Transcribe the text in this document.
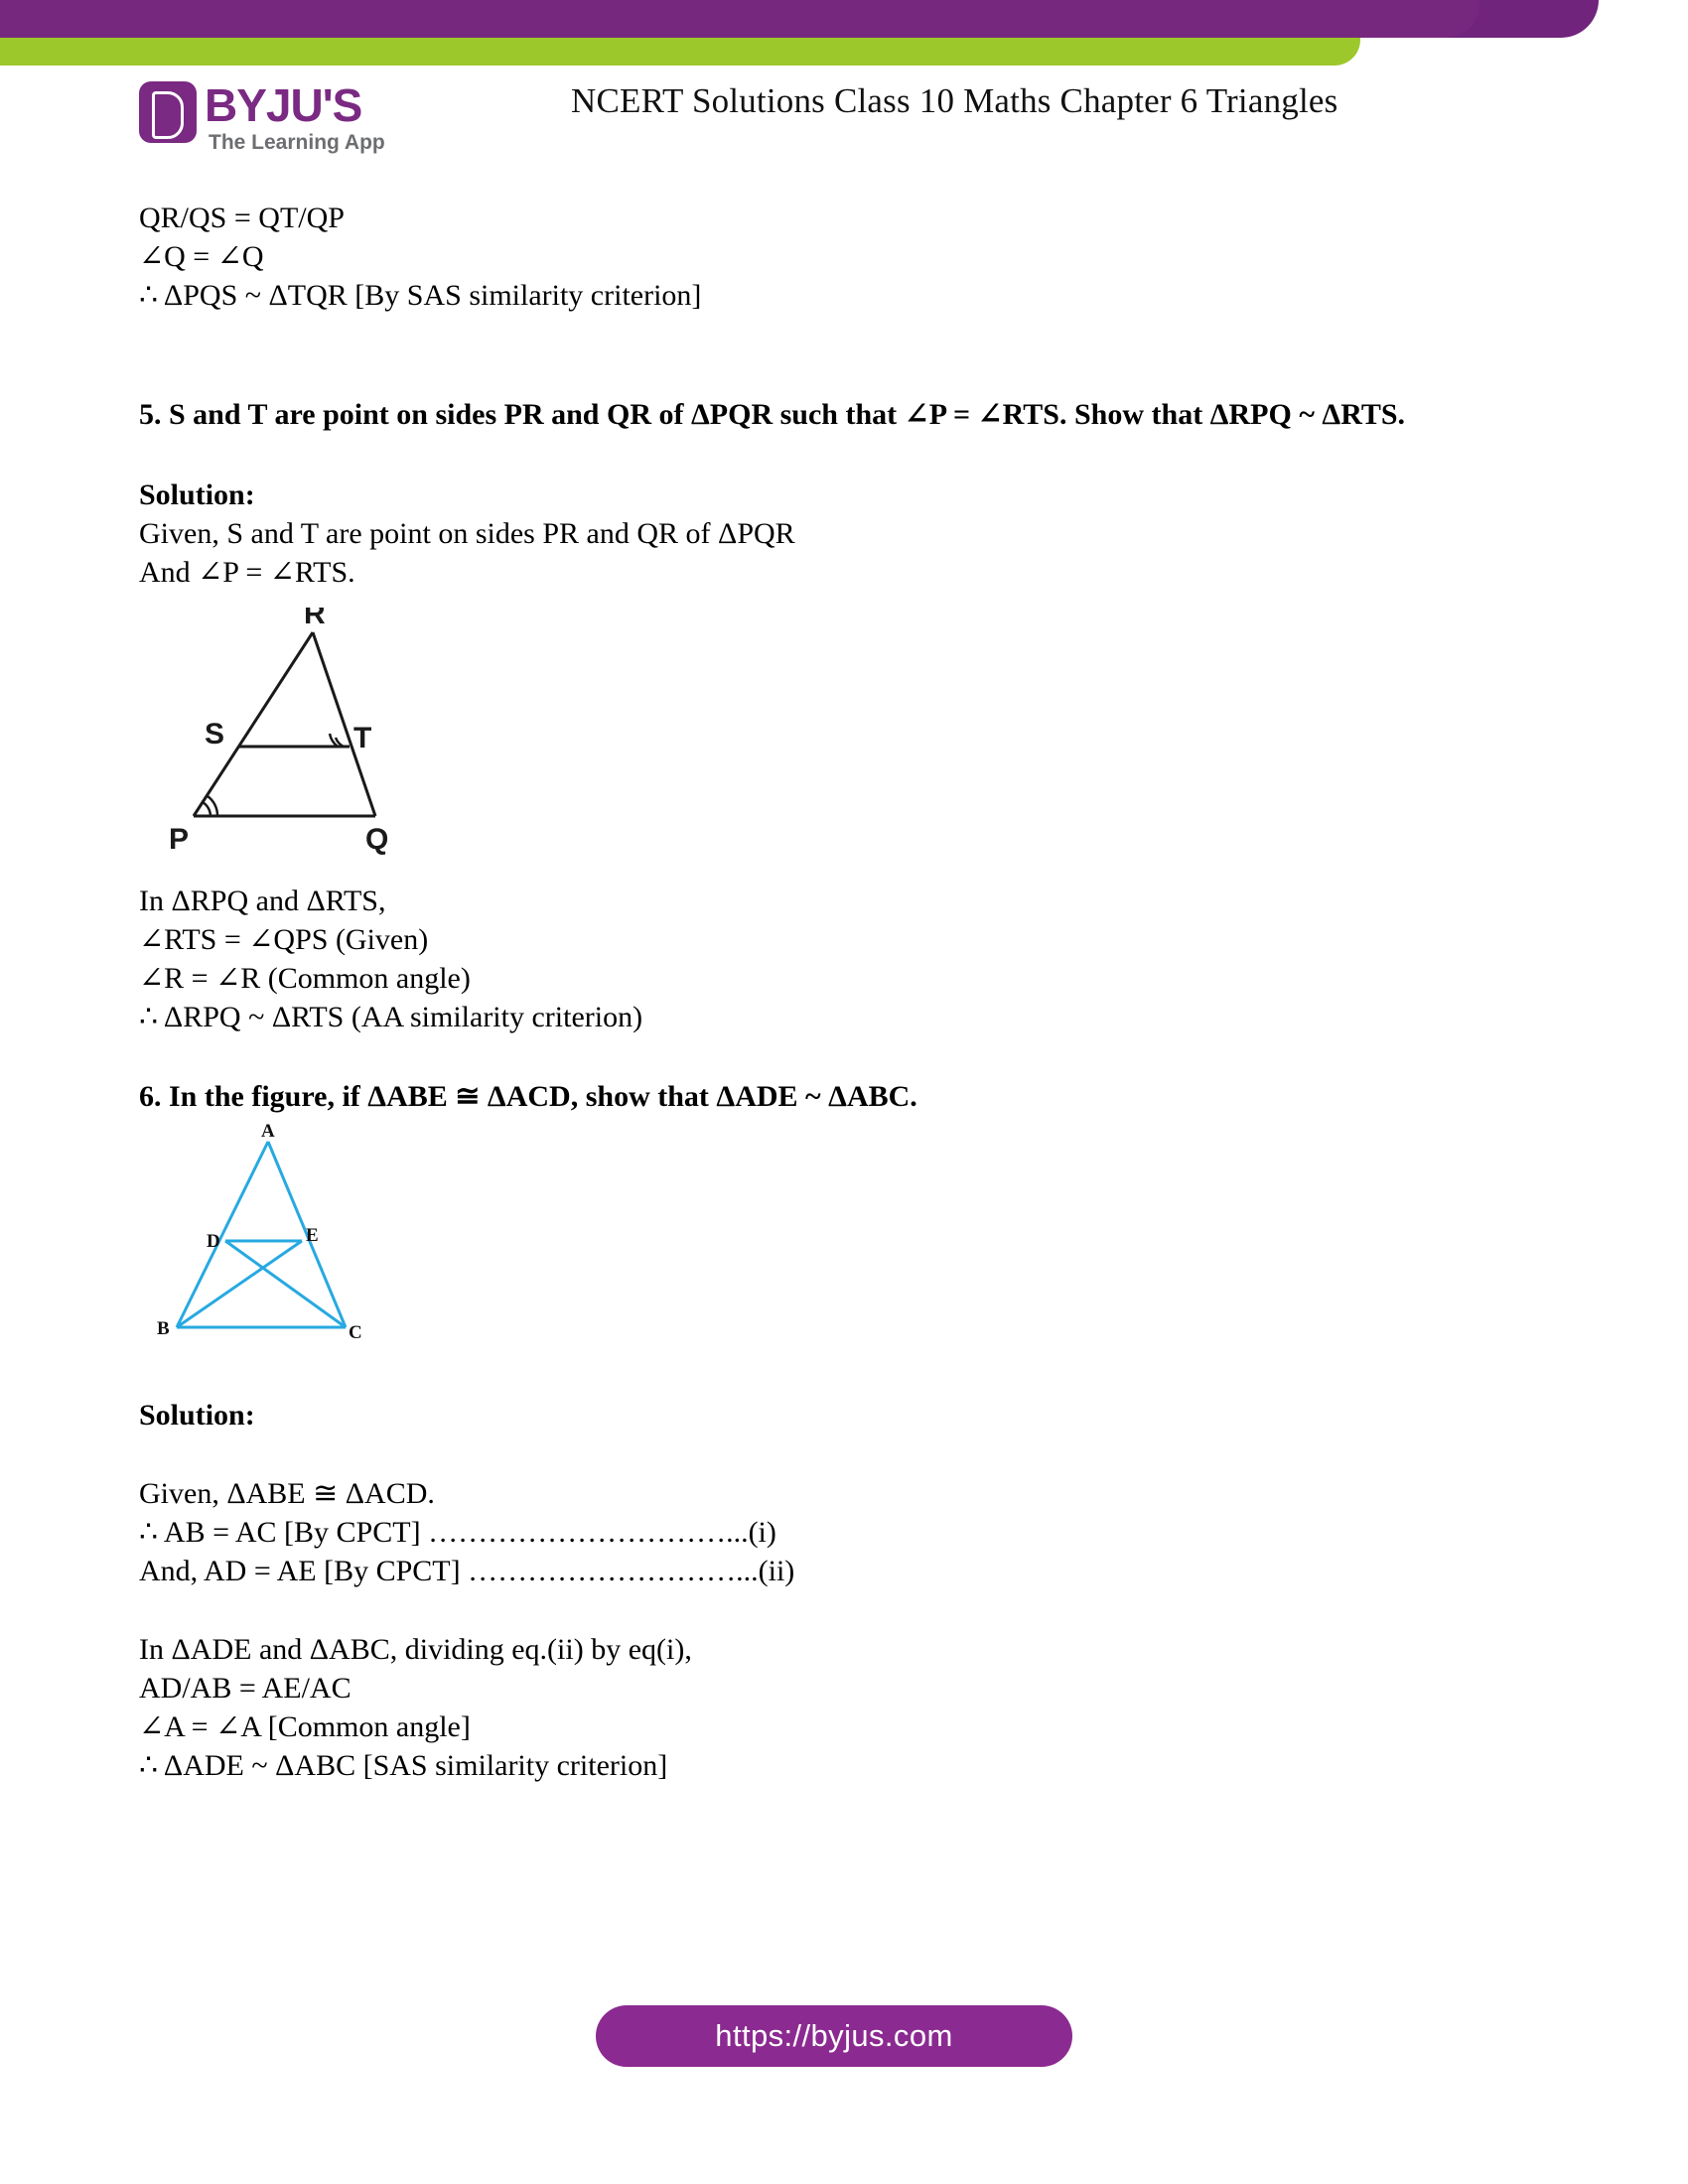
BYJU'S
The Learning App
NCERT Solutions Class 10 Maths Chapter 6 Triangles
QR/QS = QT/QP
∠Q = ∠Q
∴ ΔPQS ~ ΔTQR [By SAS similarity criterion]
5. S and T are point on sides PR and QR of ΔPQR such that ∠P = ∠RTS. Show that ΔRPQ ~ ΔRTS.
Solution:
Given, S and T are point on sides PR and QR of ΔPQR
And ∠P = ∠RTS.
R
S	T
P	Q
In ΔRPQ and ΔRTS,
∠RTS = ∠QPS (Given)
∠R = ∠R (Common angle)
∴ ΔRPQ ~ ΔRTS (AA similarity criterion)
6. In the figure, if ΔABE ≅ ΔACD, show that ΔADE ~ ΔABC.
A
D	E
B	C
Solution:
Given, ΔABE ≅ ΔACD.
∴ AB = AC [By CPCT] …………………………...(i)
And, AD = AE [By CPCT] ………………………...(ii)
In ΔADE and ΔABC, dividing eq.(ii) by eq(i),
AD/AB = AE/AC
∠A = ∠A [Common angle]
∴ ΔADE ~ ΔABC [SAS similarity criterion]
https://byjus.com
